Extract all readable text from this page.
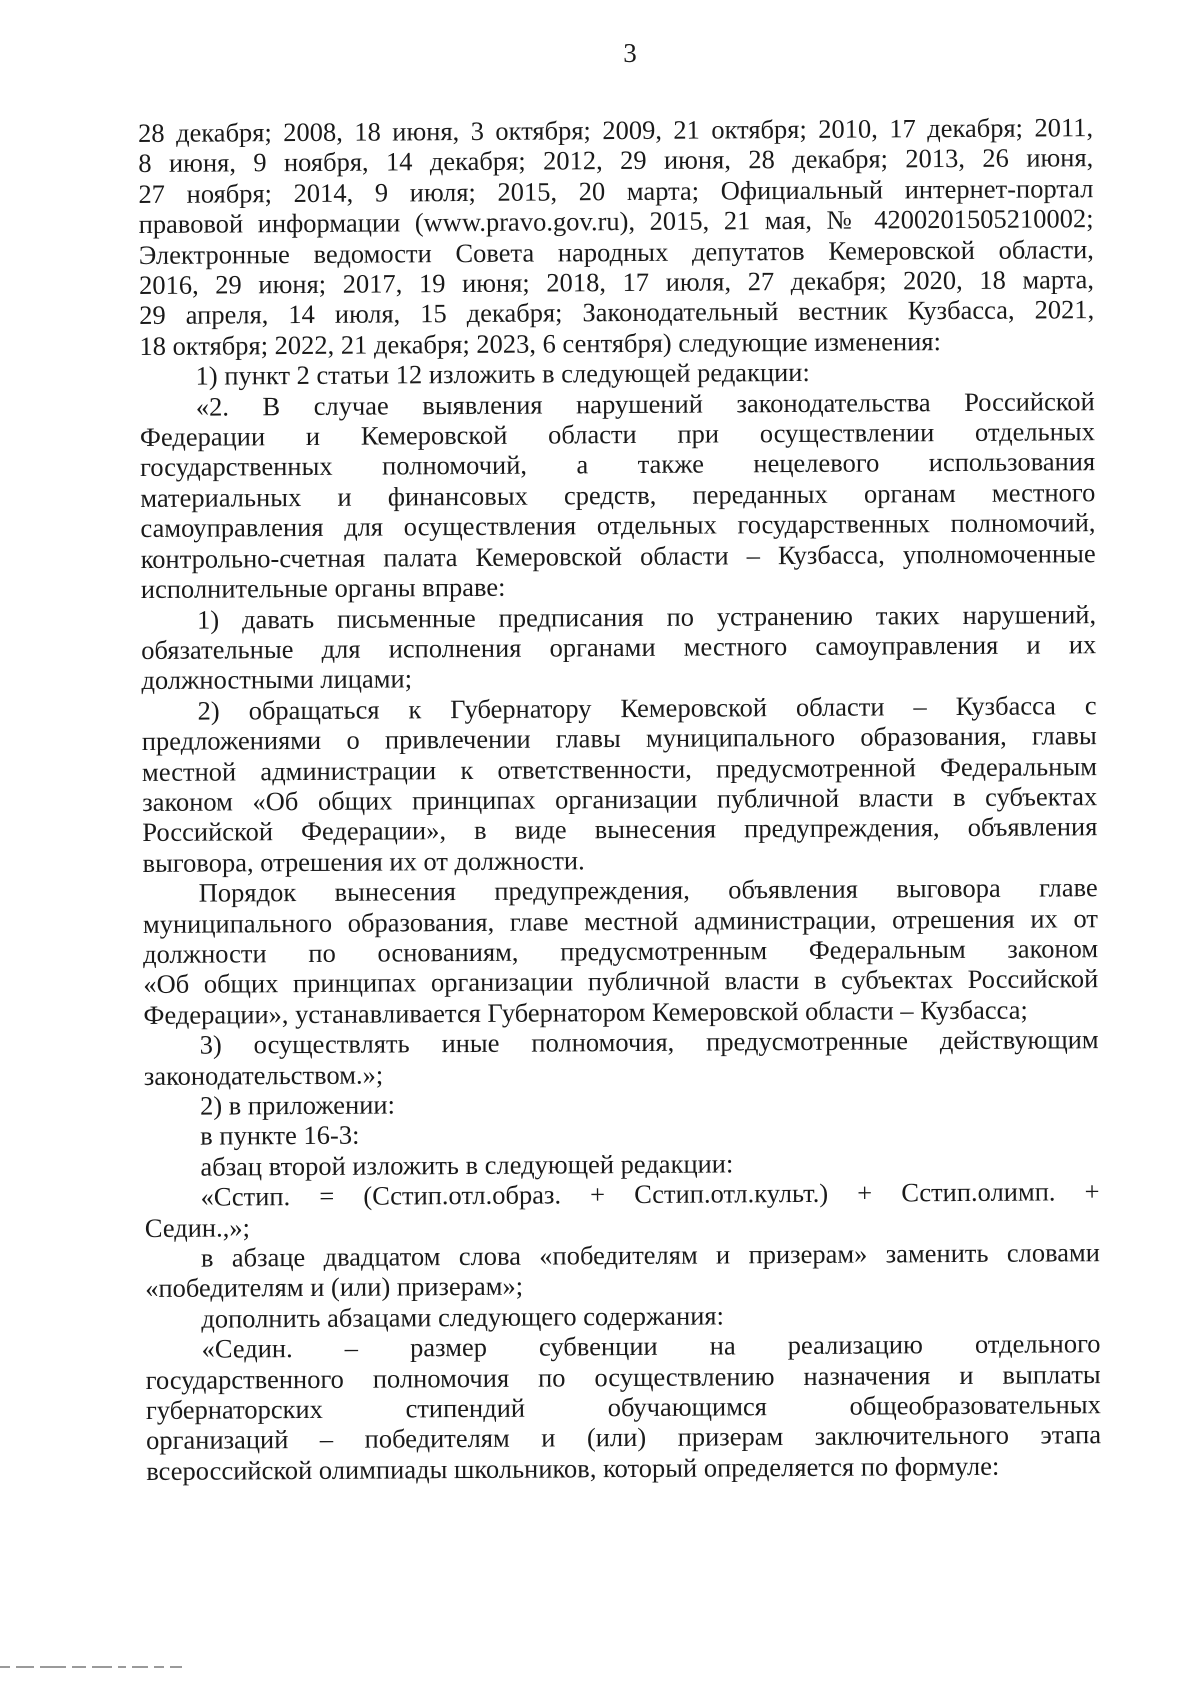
3
28 декабря; 2008, 18 июня, 3 октября; 2009, 21 октября; 2010, 17 декабря; 2011,
8 июня, 9 ноября, 14 декабря; 2012, 29 июня, 28 декабря; 2013, 26 июня,
27 ноября; 2014, 9 июля; 2015, 20 марта; Официальный интернет-портал
правовой информации (www.pravo.gov.ru), 2015, 21 мая, № 4200201505210002;
Электронные ведомости Совета народных депутатов Кемеровской области,
2016, 29 июня; 2017, 19 июня; 2018, 17 июля, 27 декабря; 2020, 18 марта,
29 апреля, 14 июля, 15 декабря; Законодательный вестник Кузбасса, 2021,
18 октября; 2022, 21 декабря; 2023, 6 сентября) следующие изменения:
1) пункт 2 статьи 12 изложить в следующей редакции:
«2. В случае выявления нарушений законодательства Российской
Федерации и Кемеровской области при осуществлении отдельных
государственных полномочий, а также нецелевого использования
материальных и финансовых средств, переданных органам местного
самоуправления для осуществления отдельных государственных полномочий,
контрольно-счетная палата Кемеровской области – Кузбасса, уполномоченные
исполнительные органы вправе:
1) давать письменные предписания по устранению таких нарушений,
обязательные для исполнения органами местного самоуправления и их
должностными лицами;
2) обращаться к Губернатору Кемеровской области – Кузбасса с
предложениями о привлечении главы муниципального образования, главы
местной администрации к ответственности, предусмотренной Федеральным
законом «Об общих принципах организации публичной власти в субъектах
Российской Федерации», в виде вынесения предупреждения, объявления
выговора, отрешения их от должности.
Порядок вынесения предупреждения, объявления выговора главе
муниципального образования, главе местной администрации, отрешения их от
должности по основаниям, предусмотренным Федеральным законом
«Об общих принципах организации публичной власти в субъектах Российской
Федерации», устанавливается Губернатором Кемеровской области – Кузбасса;
3) осуществлять иные полномочия, предусмотренные действующим
законодательством.»;
2) в приложении:
в пункте 16-3:
абзац второй изложить в следующей редакции:
«Сстип. = (Сстип.отл.образ. + Сстип.отл.культ.) + Сстип.олимп. +
Седин.,»;
в абзаце двадцатом слова «победителям и призерам» заменить словами
«победителям и (или) призерам»;
дополнить абзацами следующего содержания:
«Седин. – размер субвенции на реализацию отдельного
государственного полномочия по осуществлению назначения и выплаты
губернаторских стипендий обучающимся общеобразовательных
организаций – победителям и (или) призерам заключительного этапа
всероссийской олимпиады школьников, который определяется по формуле:
